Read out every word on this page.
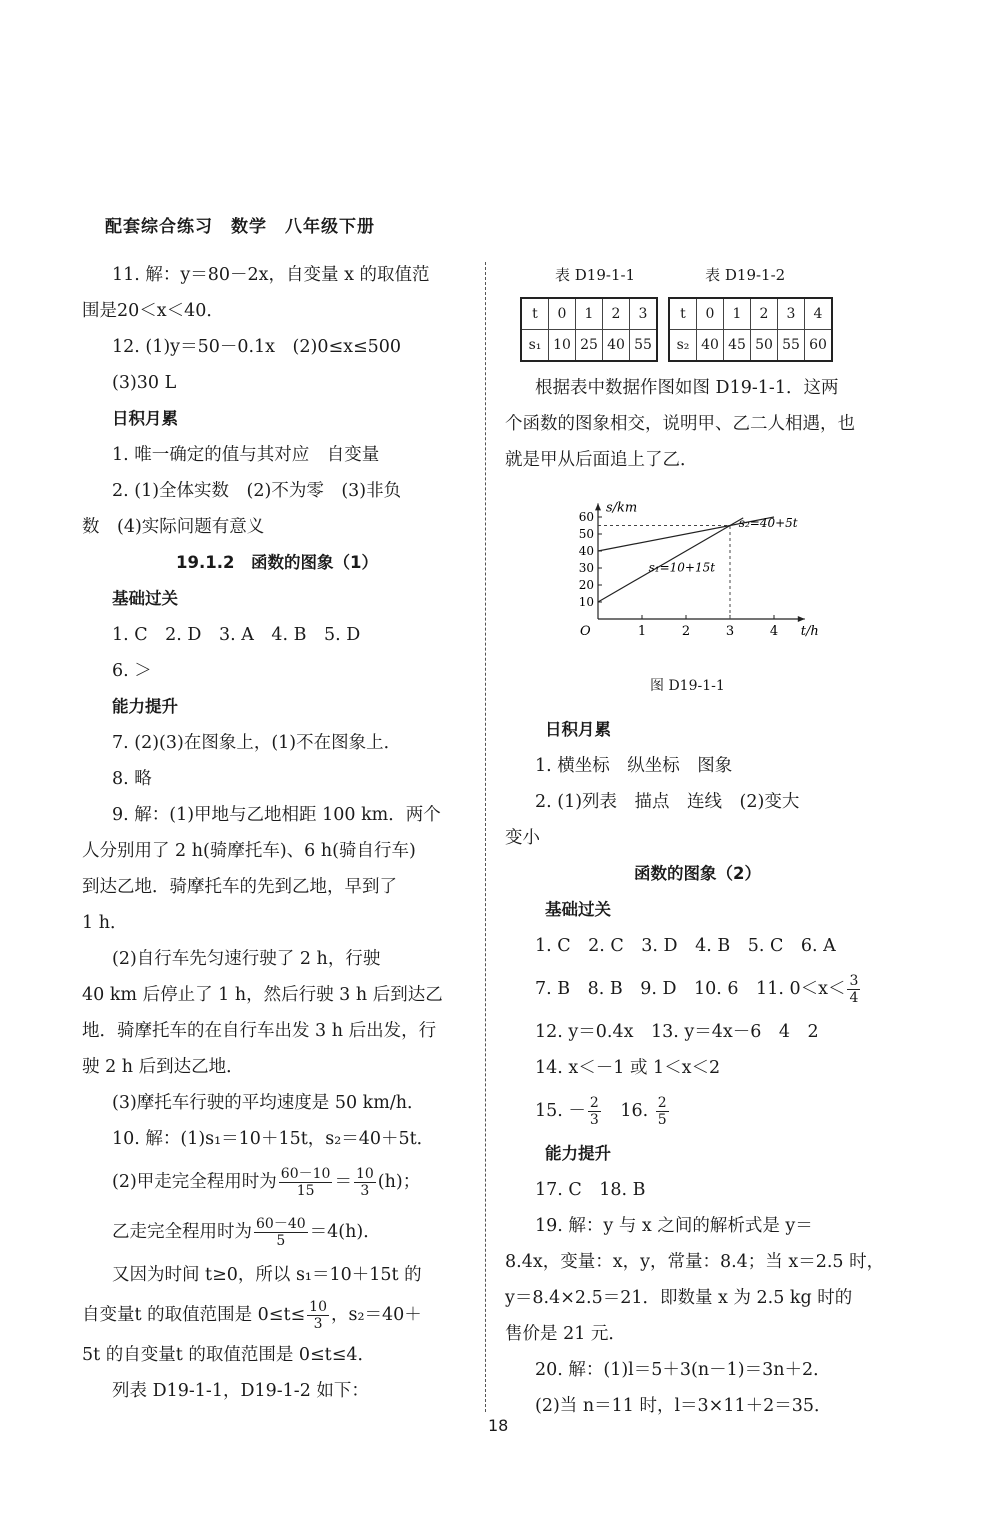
配套综合练习　数学　八年级下册

11. 解：y＝80－2x，自变量 x 的取值范

围是20＜x＜40．

12. (1)y＝50－0.1x　(2)0≤x≤500

(3)30 L

日积月累

1. 唯一确定的值与其对应　自变量

2. (1)全体实数　(2)不为零　(3)非负

数　(4)实际问题有意义

19.1.2　函数的图象（1）

基础过关

1. C　2. D　3. A　4. B　5. D

6. ＞

能力提升

7. (2)(3)在图象上，(1)不在图象上．

8. 略

9. 解：(1)甲地与乙地相距 100 km．两个

人分别用了 2 h(骑摩托车)、6 h(骑自行车)

到达乙地．骑摩托车的先到乙地，早到了

1 h．

(2)自行车先匀速行驶了 2 h，行驶

40 km 后停止了 1 h，然后行驶 3 h 后到达乙

地．骑摩托车的在自行车出发 3 h 后出发，行

驶 2 h 后到达乙地．

(3)摩托车行驶的平均速度是 50 km/h．

10. 解：(1)s₁＝10＋15t，s₂＝40＋5t．

(2)甲走完全程用时为 $\frac{60-10}{15} = \frac{10}{3} (h)$；

乙走完全程用时为 $\frac{60-40}{5} =4(h)$．

又因为时间 t≥0，所以 s₁＝10＋15t 的

自变量t 的取值范围是 $0\le t\le \frac{10}{3}$ ，s₂＝40＋

5t 的自变量t 的取值范围是 0≤t≤4．

列表 D19-1-1，D19-1-2 如下：

表 D19-1-1	表 D19-1-2
t	0	1	2	3
s₁	10	25	40	55
t	0	1	2	3	4
s₂	40	45	50	55	60

根据表中数据作图如图 D19-1-1．这两

个函数的图象相交，说明甲、乙二人相遇，也

就是甲从后面追上了乙．

1	2	3	4
10
20
30
40
50
60
O	t/h
s/km
s₂=40+5t
s₁=10+15t

图 D19-1-1

日积月累

1. 横坐标　纵坐标　图象

2. (1)列表　描点　连线　(2)变大

变小

函数的图象（2）

基础过关

1. C　2. C　3. D　4. B　5. C　6. A

7. B　8. B　9. D　10. 6　11. $0<x< \frac{3}{4}$

12. y＝0.4x　13. y＝4x－6　4　2

14. x＜－1 或 1＜x＜2

15. － $\frac{2}{3}$ 　16. $\frac{2}{5}$

能力提升

17. C　18. B

19. 解：y 与 x 之间的解析式是 y＝

8.4x，变量：x，y，常量：8.4；当 x＝2.5 时，

y＝8.4×2.5＝21．即数量 x 为 2.5 kg 时的

售价是 21 元．

20. 解：(1)l＝5＋3(n－1)＝3n＋2．

(2)当 n＝11 时，l＝3×11＋2＝35．

18
